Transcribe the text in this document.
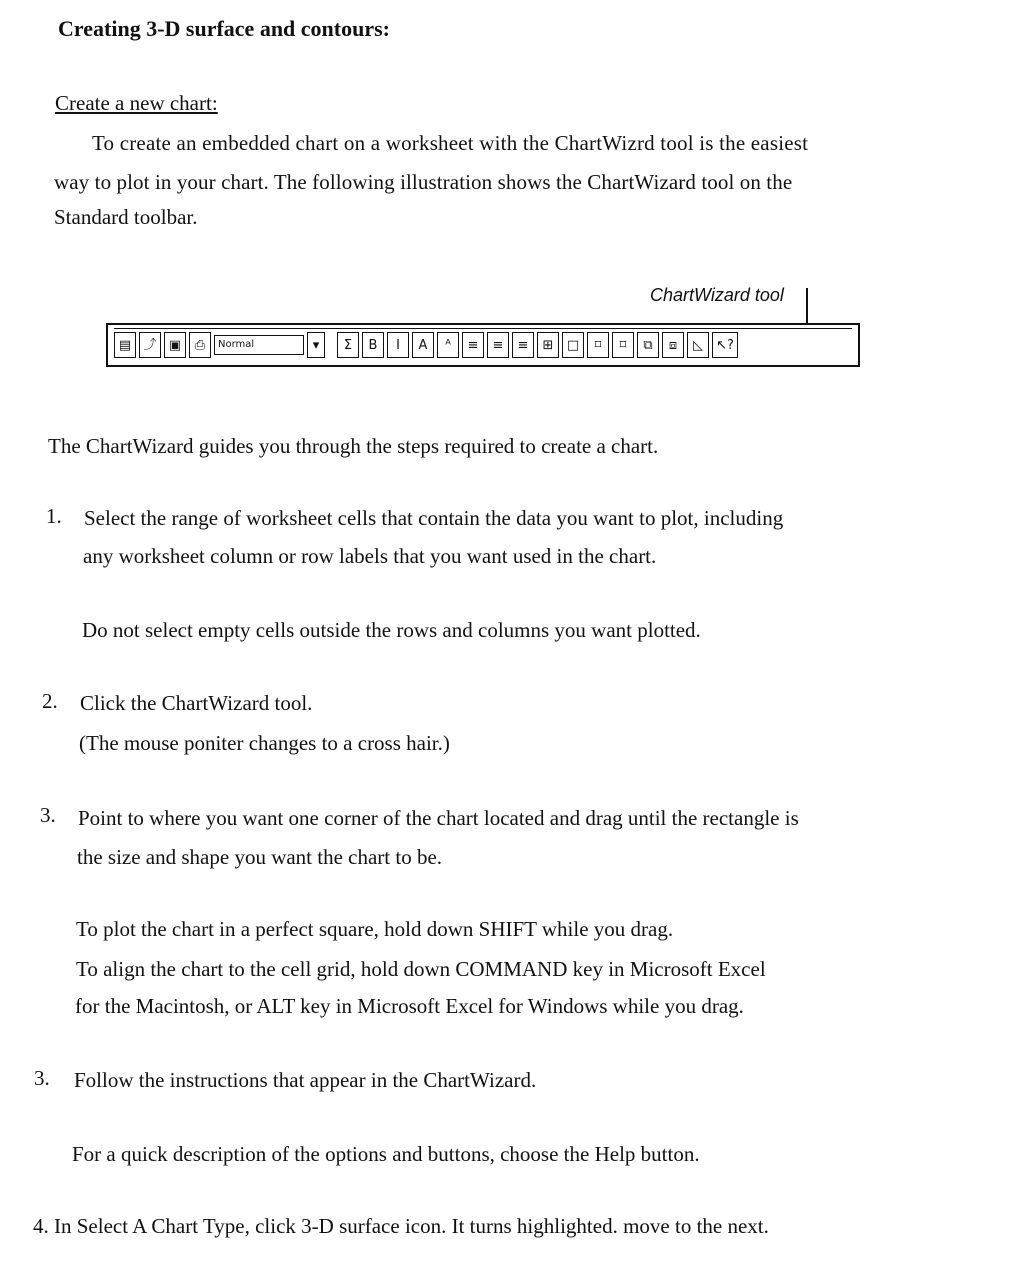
Creating 3-D surface and contours:
Create a new chart:
To create an embedded chart on a worksheet with the ChartWizrd tool is the easiest
way to plot in your chart. The following illustration shows the ChartWizard tool on the
Standard toolbar.
ChartWizard tool
▤ ⤴ ▣	⎙	Normal	▾	Σ	B	I	A	ᴬ	≡	≡	≡	⊞	□	⌑	⌑	⧉	⧈	◺	↖?
The ChartWizard guides you through the steps required to create a chart.
1. Select the range of worksheet cells that contain the data you want to plot, including
any worksheet column or row labels that you want used in the chart.
Do not select empty cells outside the rows and columns you want plotted.
2. Click the ChartWizard tool.
(The mouse poniter changes to a cross hair.)
3. Point to where you want one corner of the chart located and drag until the rectangle is
the size and shape you want the chart to be.
To plot the chart in a perfect square, hold down SHIFT while you drag.
To align the chart to the cell grid, hold down COMMAND key in Microsoft Excel
for the Macintosh, or ALT key in Microsoft Excel for Windows while you drag.
3. Follow the instructions that appear in the ChartWizard.
For a quick description of the options and buttons, choose the Help button.
4. In Select A Chart Type, click 3-D surface icon. It turns highlighted. move to the next.
